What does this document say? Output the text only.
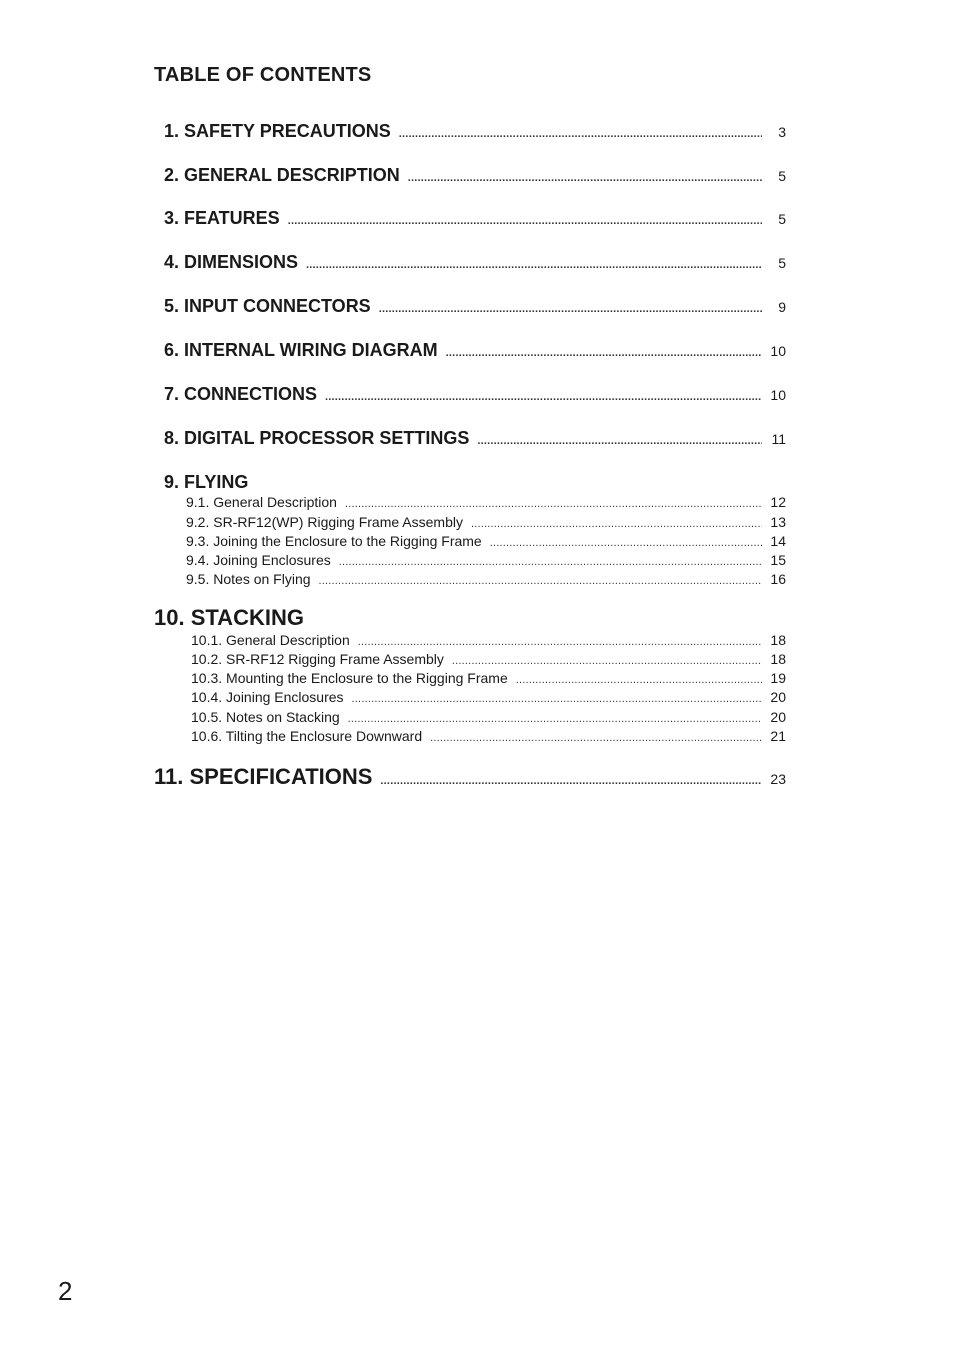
TABLE OF CONTENTS
1. SAFETY PRECAUTIONS .....	3
2. GENERAL DESCRIPTION .....	5
3. FEATURES .....	5
4. DIMENSIONS .....	5
5. INPUT CONNECTORS .....	9
6. INTERNAL WIRING DIAGRAM .....	10
7. CONNECTIONS .....	10
8. DIGITAL PROCESSOR SETTINGS .....	11
9. FLYING
9.1. General Description .....	12
9.2. SR-RF12(WP) Rigging Frame Assembly .....	13
9.3. Joining the Enclosure to the Rigging Frame .....	14
9.4. Joining Enclosures .....	15
9.5. Notes on Flying .....	16
10. STACKING
10.1. General Description .....	18
10.2. SR-RF12 Rigging Frame Assembly .....	18
10.3. Mounting the Enclosure to the Rigging Frame .....	19
10.4. Joining Enclosures .....	20
10.5. Notes on Stacking .....	20
10.6. Tilting the Enclosure Downward .....	21
11. SPECIFICATIONS .....	23
2
